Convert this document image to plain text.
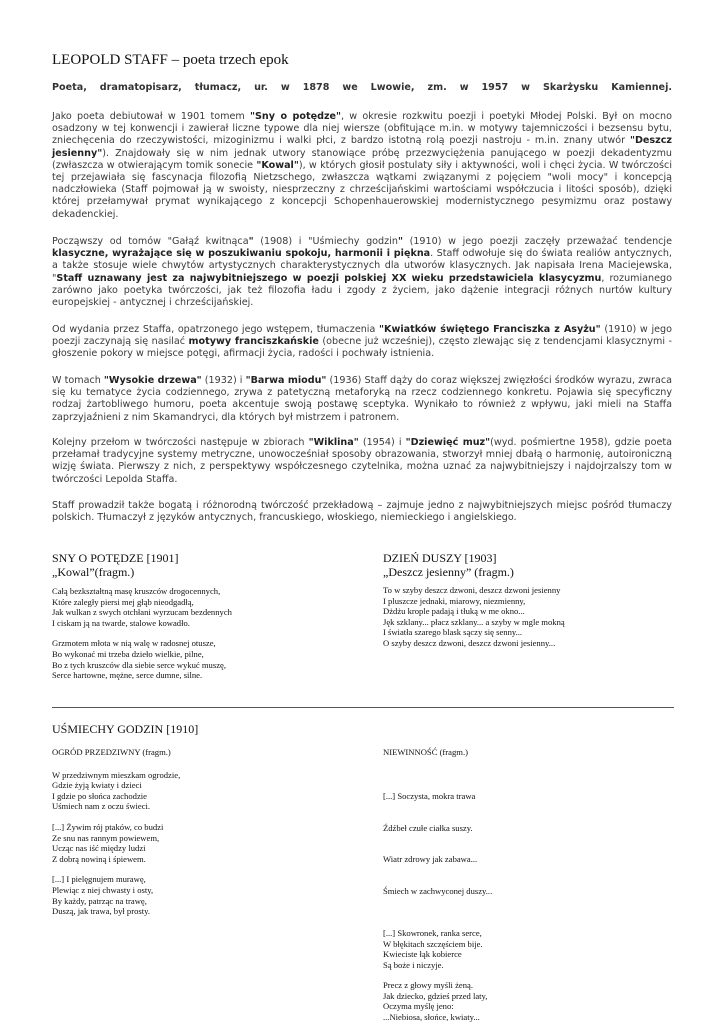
LEOPOLD STAFF – poeta trzech epok
Poeta, dramatopisarz, tłumacz, ur. w 1878 we Lwowie, zm. w 1957 w Skarżysku Kamiennej.

Jako poeta debiutował w 1901 tomem "Sny o potędze", w okresie rozkwitu poezji i poetyki Młodej Polski. Był on mocno osadzony w tej konwencji i zawierał liczne typowe dla niej wiersze (obfitujące m.in. w motywy tajemniczości i bezsensu bytu, zniechęcenia do rzeczywistości, mizoginizmu i walki płci, z bardzo istotną rolą poezji nastroju - m.in. znany utwór "Deszcz jesienny"). Znajdowały się w nim jednak utwory stanowiące próbę przezwyciężenia panującego w poezji dekadentyzmu (zwłaszcza w otwierającym tomik sonecie "Kowal"), w których głosił postulaty siły i aktywności, woli i chęci życia. W twórczości tej przejawiała się fascynacja filozofią Nietzschego, zwłaszcza wątkami związanymi z pojęciem "woli mocy" i koncepcją nadczłowieka (Staff pojmował ją w swoisty, niesprzeczny z chrześcijańskimi wartościami współczucia i litości sposób), dzięki której przełamywał prymat wynikającego z koncepcji Schopenhauerowskiej modernistycznego pesymizmu oraz postawy dekadenckiej.

Począwszy od tomów "Gałąź kwitnąca" (1908) i "Uśmiechy godzin" (1910) w jego poezji zaczęły przeważać tendencje klasyczne, wyrażające się w poszukiwaniu spokoju, harmonii i piękna. Staff odwołuje się do świata realiów antycznych, a także stosuje wiele chwytów artystycznych charakterystycznych dla utworów klasycznych. Jak napisała Irena Maciejewska, "Staff uznawany jest za najwybitniejszego w poezji polskiej XX wieku przedstawiciela klasycyzmu, rozumianego zarówno jako poetyka twórczości, jak też filozofia ładu i zgody z życiem, jako dążenie integracji różnych nurtów kultury europejskiej - antycznej i chrześcijańskiej.

Od wydania przez Staffa, opatrzonego jego wstępem, tłumaczenia "Kwiatków świętego Franciszka z Asyżu" (1910) w jego poezji zaczynają się nasilać motywy franciszkańskie (obecne już wcześniej), często zlewając się z tendencjami klasycznymi - głoszenie pokory w miejsce potęgi, afirmacji życia, radości i pochwały istnienia.

W tomach "Wysokie drzewa" (1932) i "Barwa miodu" (1936) Staff dąży do coraz większej zwięzłości środków wyrazu, zwraca się ku tematyce życia codziennego, zrywa z patetyczną metaforyką na rzecz codziennego konkretu. Pojawia się specyficzny rodzaj żartobliwego humoru, poeta akcentuje swoją postawę sceptyka. Wynikało to również z wpływu, jaki mieli na Staffa zaprzyjaźnieni z nim Skamandryci, dla których był mistrzem i patronem.

Kolejny przełom w twórczości następuje w zbiorach "Wiklina" (1954) i "Dziewięć muz"(wyd. pośmiertne 1958), gdzie poeta przełamał tradycyjne systemy metryczne, unowocześniał sposoby obrazowania, stworzył mniej dbałą o harmonię, autoironiczną wizję świata. Pierwszy z nich, z perspektywy współczesnego czytelnika, można uznać za najwybitniejszy i najdojrzalszy tom w twórczości Lepolda Staffa.

Staff prowadził także bogatą i różnorodną twórczość przekładową – zajmuje jedno z najwybitniejszych miejsc pośród tłumaczy polskich. Tłumaczył z języków antycznych, francuskiego, włoskiego, niemieckiego i angielskiego.

SNY O POTĘDZE [1901]
„Kowal”(fragm.)
Całą bezkształtną masę kruszców drogocennych,
Które zaległy piersi mej głąb nieodgadłą,
Jak wulkan z swych otchłani wyrzucam bezdennych
I ciskam ją na twarde, stalowe kowadło.
Grzmotem młota w nią walę w radosnej otusze,
Bo wykonać mi trzeba dzieło wielkie, pilne,
Bo z tych kruszców dla siebie serce wykuć muszę,
Serce hartowne, mężne, serce dumne, silne.
DZIEŃ DUSZY [1903]
„Deszcz jesienny” (fragm.)
To w szyby deszcz dzwoni, deszcz dzwoni jesienny
I pluszcze jednaki, miarowy, niezmienny,
Dżdżu krople padają i tłuką w me okno...
Jęk szklany... płacz szklany... a szyby w mgle mokną
I światła szarego blask sączy się senny...
O szyby deszcz dzwoni, deszcz dzwoni jesienny...
UŚMIECHY GODZIN [1910]
OGRÓD PRZEDZIWNY (fragm.)
W przedziwnym mieszkam ogrodzie,
Gdzie żyją kwiaty i dzieci
I gdzie po słońca zachodzie
Uśmiech nam z oczu świeci.
[...] Żywim rój ptaków, co budzi
Ze snu nas rannym powiewem,
Ucząc nas iść między ludzi
Z dobrą nowiną i śpiewem.
[...] I pielęgnujem murawę,
Plewiąc z niej chwasty i osty,
By każdy, patrząc na trawę,
Duszą, jak trawa, był prosty.
NIEWINNOŚĆ (fragm.)

[...] Soczysta, mokra trawa

Źdźbeł czułe ciałka suszy.

Wiatr zdrowy jak zabawa...

Śmiech w zachwyconej duszy...

[...] Skowronek, ranka serce,
W błękitach szczęściem bije.
Kwieciste łąk kobierce
Są boże i niczyje.
Precz z głowy myśli żeną.
Jak dziecko, gdzieś przed laty,
Oczyma myślę jeno:
...Niebiosa, słońce, kwiaty...
